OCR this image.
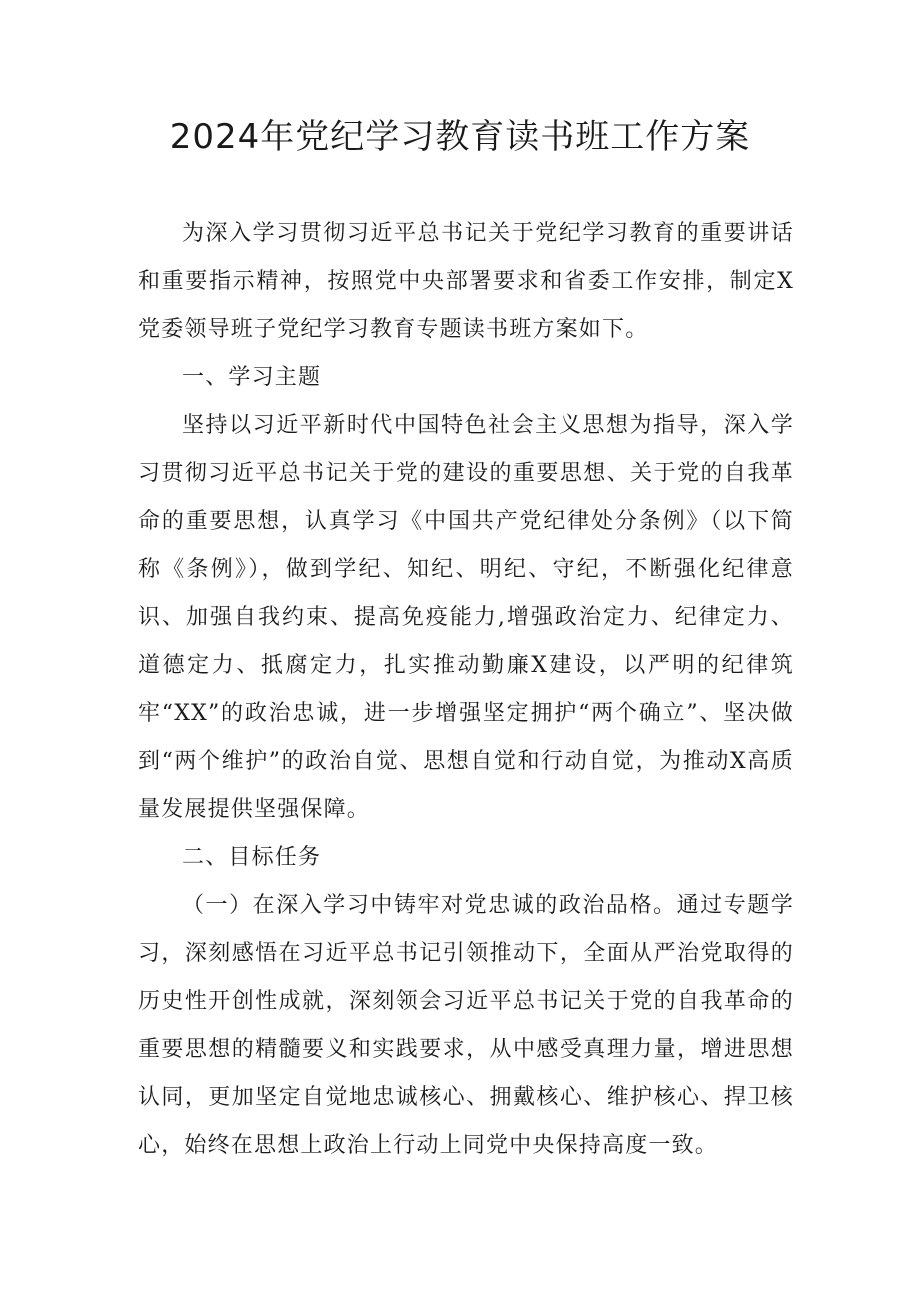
2024年党纪学习教育读书班工作方案

为深入学习贯彻习近平总书记关于党纪学习教育的重要讲话和重要指示精神，按照党中央部署要求和省委工作安排，制定X党委领导班子党纪学习教育专题读书班方案如下。

一、学习主题

坚持以习近平新时代中国特色社会主义思想为指导，深入学习贯彻习近平总书记关于党的建设的重要思想、关于党的自我革命的重要思想，认真学习《中国共产党纪律处分条例》（以下简称《条例》），做到学纪、知纪、明纪、守纪，不断强化纪律意识、加强自我约束、提高免疫能力,增强政治定力、纪律定力、道德定力、抵腐定力，扎实推动勤廉X建设，以严明的纪律筑牢“XX”的政治忠诚，进一步增强坚定拥护“两个确立”、坚决做到“两个维护”的政治自觉、思想自觉和行动自觉，为推动X高质量发展提供坚强保障。

二、目标任务

（一）在深入学习中铸牢对党忠诚的政治品格。通过专题学习，深刻感悟在习近平总书记引领推动下，全面从严治党取得的历史性开创性成就，深刻领会习近平总书记关于党的自我革命的重要思想的精髓要义和实践要求，从中感受真理力量，增进思想认同，更加坚定自觉地忠诚核心、拥戴核心、维护核心、捍卫核心，始终在思想上政治上行动上同党中央保持高度一致。
